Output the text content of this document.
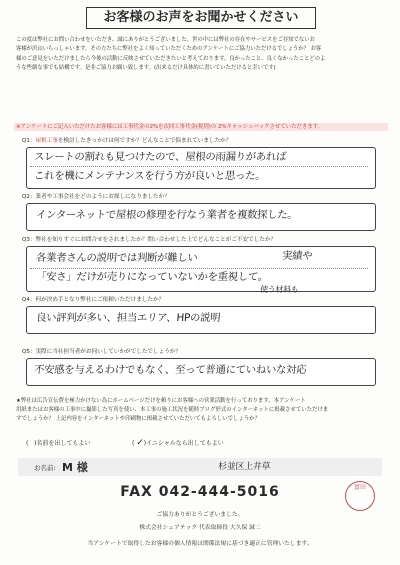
お客様のお声をお聞かせください

この度は弊社にお問い合わせをいただき、誠にありがとうございました。世の中には弊社の存在やサービスをご存知でないお

客様が沢山いらっしゃいます。その方たちに弊社をよく知っていただくためのアンケートにご協力いただけるでしょうか？ お客

様のご意見をいただけましたら今後の活動に反映させていただきたいと考えております。良かったこと、良くなかったことどのよ

うな些細な事でも結構です。是非ご協力お願い致します。(出来るだけ具体的に書いていただけると幸いです)

※アンケートにご記入いただけたお客様には工事代金の2%を次回工事代金(税別)の 2%キャッシュバックさせていただきます。
Q1：屋根工事を検討したきっかけは何ですか？どんなことで悩まれていましたか？
スレートの割れも見つけたので、屋根の雨漏りがあれば
これを機にメンテナンスを行う方が良いと思った。
Q2：業者や工事会社をどのようにお探しになりましたか？
インターネットで屋根の修理を行なう業者を複数探した。
Q3：弊社を知りすぐにお問合せをされましたか？問い合わせした上でどんなことがご不安でしたか？
各業者さんの説明では判断が難しい	実績や
「安さ」だけが売りになっていないかを重視して。
使う材料も
Q4：何が決め手となり弊社にご依頼いただけましたか？
良い評判が多い、担当エリア、HPの説明
Q5：実際に当社担当者がお伺いしていかがでしたでしょうか？
不安感を与えるわけでもなく、至って普通にていねいな対応
★弊社は広告宣伝費を極力かけない為にホームページだけを頼りにお客様への営業活動を行っております。本アンケート
用紙またはお客様の工事中に撮影した写真を使い、本工事の施工状況を随時ブログ形式のインターネットに掲載させていただけま
すでしょうか？ 上記内容をインターネットや印刷物に掲載させていただいてもよろしいでしょうか？
(   )名前を出してもよい	( ✓)イニシャルなら出してもよい
お名前: M 様	杉並区上井草
FAX 042-444-5016	富田
ご協力ありがとうございました。
株式会社シェアテック 代表取締役 大久保 誠二
当アンケートで取得したお客様の個人情報は関係法規に基づき適正に管理いたします。
